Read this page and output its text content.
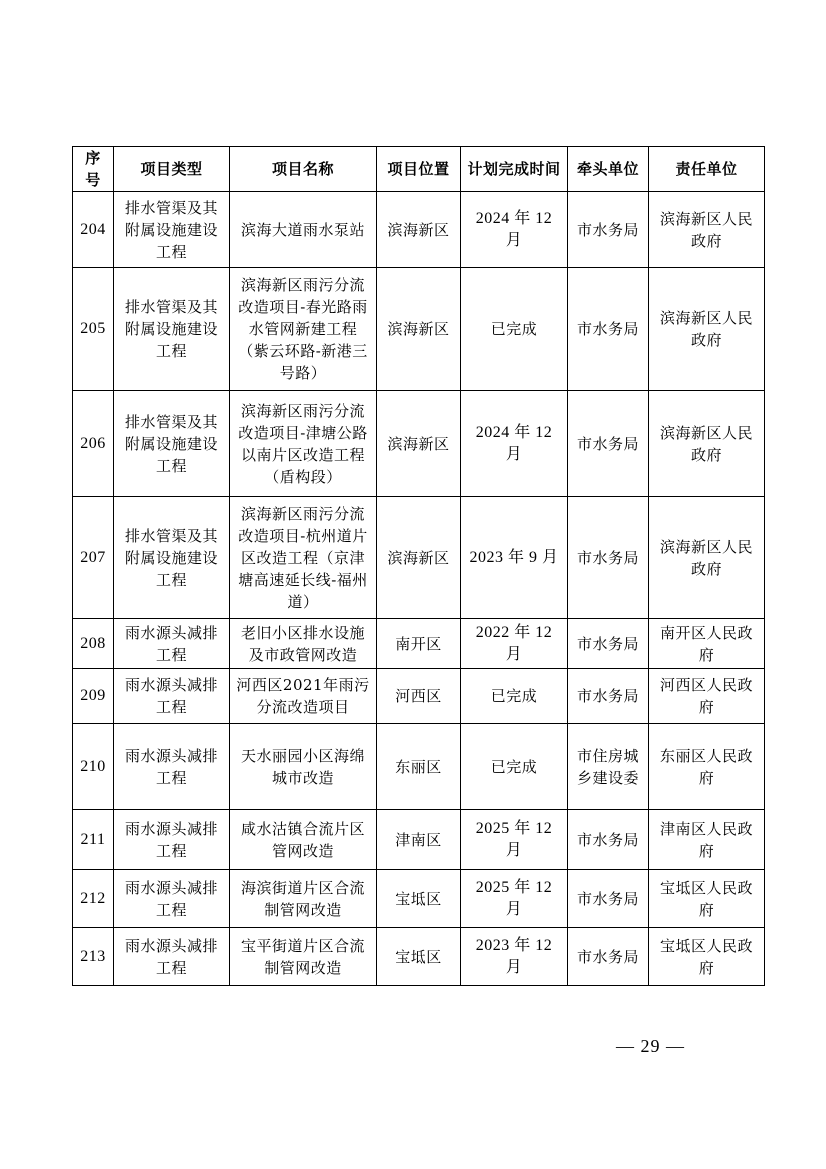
序号	项目类型	项目名称	项目位置	计划完成时间	牵头单位	责任单位
204	排水管渠及其附属设施建设工程	滨海大道雨水泵站	滨海新区	2024 年 12 月	市水务局	滨海新区人民政府
205	排水管渠及其附属设施建设工程	滨海新区雨污分流改造项目-春光路雨水管网新建工程（紫云环路-新港三号路）	滨海新区	已完成	市水务局	滨海新区人民政府
206	排水管渠及其附属设施建设工程	滨海新区雨污分流改造项目-津塘公路以南片区改造工程（盾构段）	滨海新区	2024 年 12 月	市水务局	滨海新区人民政府
207	排水管渠及其附属设施建设工程	滨海新区雨污分流改造项目-杭州道片区改造工程（京津塘高速延长线-福州道）	滨海新区	2023 年 9 月	市水务局	滨海新区人民政府
208	雨水源头减排工程	老旧小区排水设施及市政管网改造	南开区	2022 年 12 月	市水务局	南开区人民政府
209	雨水源头减排工程	河西区2021年雨污分流改造项目	河西区	已完成	市水务局	河西区人民政府
210	雨水源头减排工程	天水丽园小区海绵城市改造	东丽区	已完成	市住房城乡建设委	东丽区人民政府
211	雨水源头减排工程	咸水沽镇合流片区管网改造	津南区	2025 年 12 月	市水务局	津南区人民政府
212	雨水源头减排工程	海滨街道片区合流制管网改造	宝坻区	2025 年 12 月	市水务局	宝坻区人民政府
213	雨水源头减排工程	宝平街道片区合流制管网改造	宝坻区	2023 年 12 月	市水务局	宝坻区人民政府
— 29 —
